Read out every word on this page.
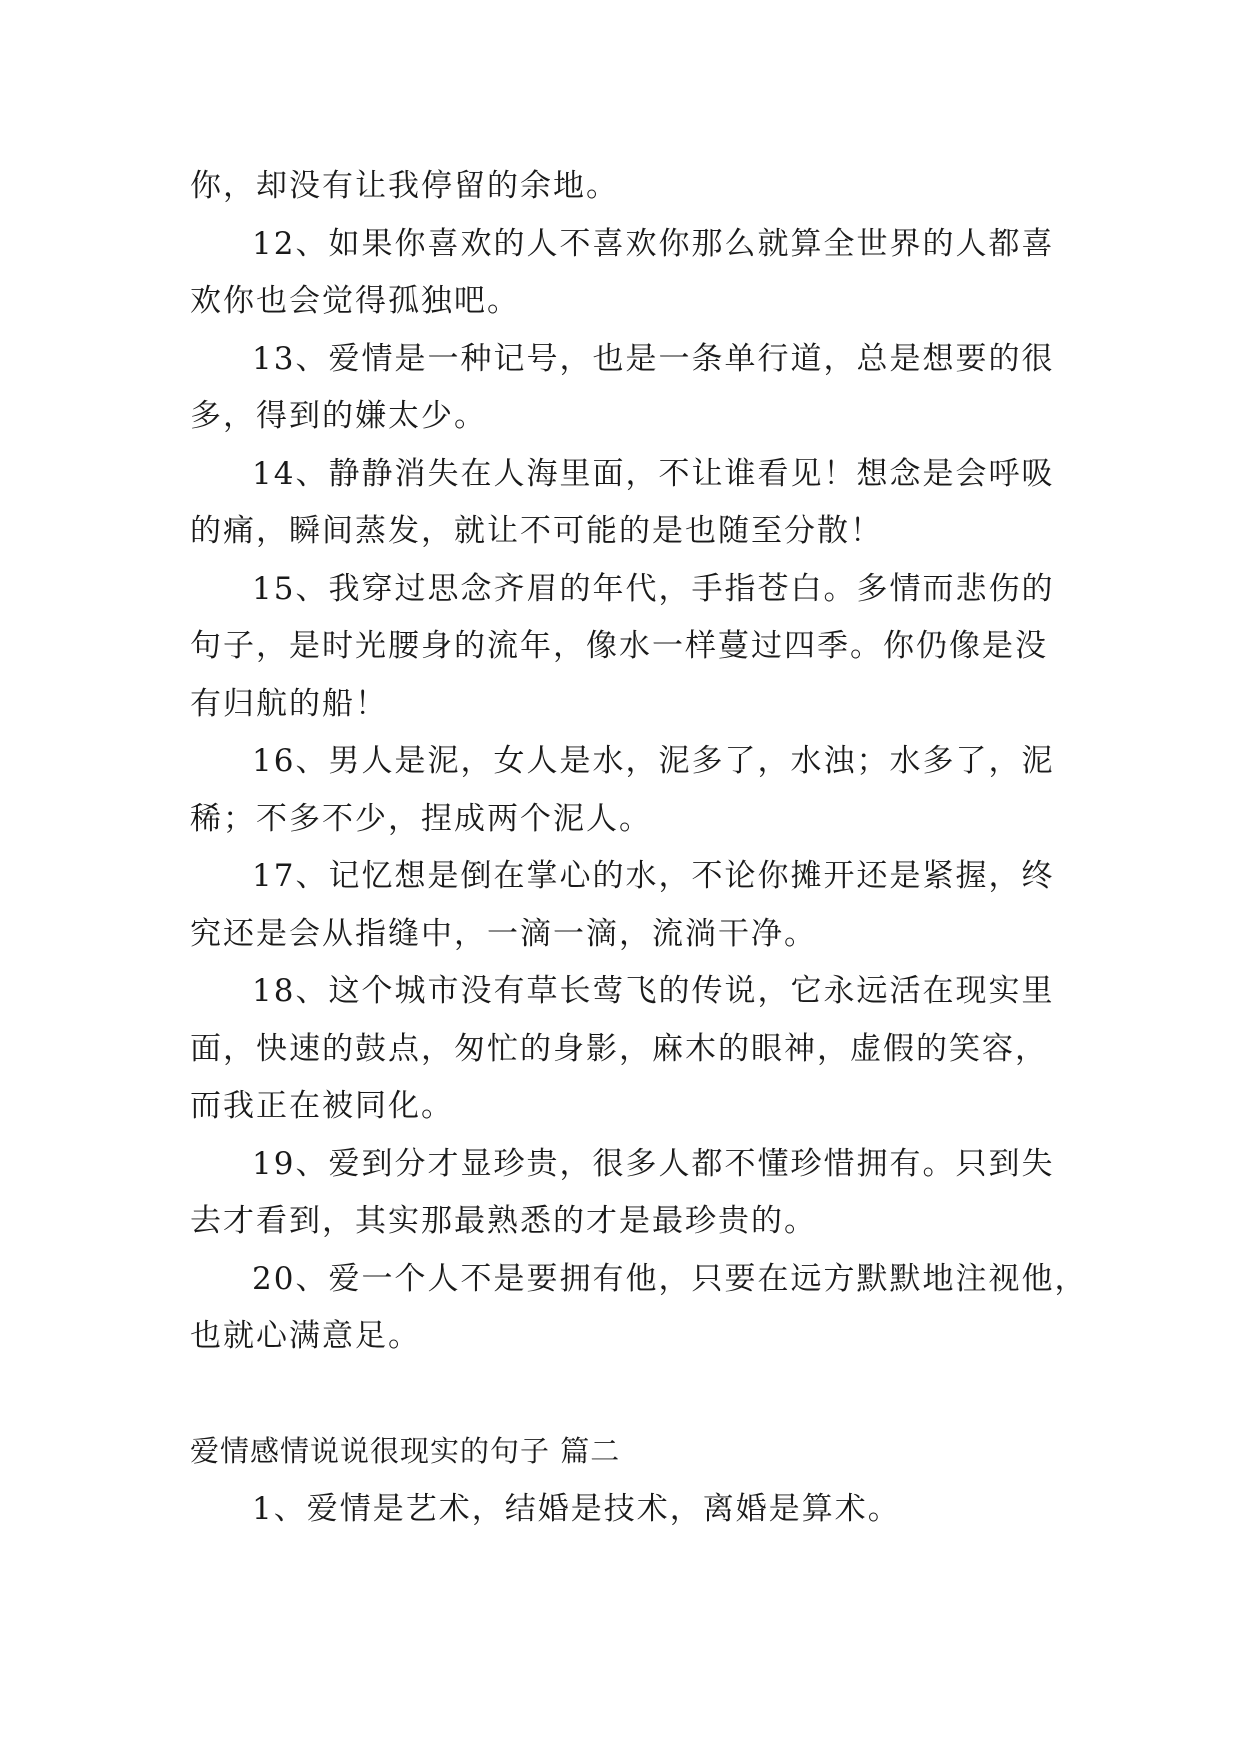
你，却没有让我停留的余地。
12、如果你喜欢的人不喜欢你那么就算全世界的人都喜
欢你也会觉得孤独吧。
13、爱情是一种记号，也是一条单行道，总是想要的很
多，得到的嫌太少。
14、静静消失在人海里面，不让谁看见！想念是会呼吸
的痛，瞬间蒸发，就让不可能的是也随至分散！
15、我穿过思念齐眉的年代，手指苍白。多情而悲伤的
句子，是时光腰身的流年，像水一样蔓过四季。你仍像是没
有归航的船！
16、男人是泥，女人是水，泥多了，水浊；水多了，泥
稀；不多不少，捏成两个泥人。
17、记忆想是倒在掌心的水，不论你摊开还是紧握，终
究还是会从指缝中，一滴一滴，流淌干净。
18、这个城市没有草长莺飞的传说，它永远活在现实里
面，快速的鼓点，匆忙的身影，麻木的眼神，虚假的笑容，
而我正在被同化。
19、爱到分才显珍贵，很多人都不懂珍惜拥有。只到失
去才看到，其实那最熟悉的才是最珍贵的。
20、爱一个人不是要拥有他，只要在远方默默地注视他，
也就心满意足。
爱情感情说说很现实的句子 篇二
1、爱情是艺术，结婚是技术，离婚是算术。
